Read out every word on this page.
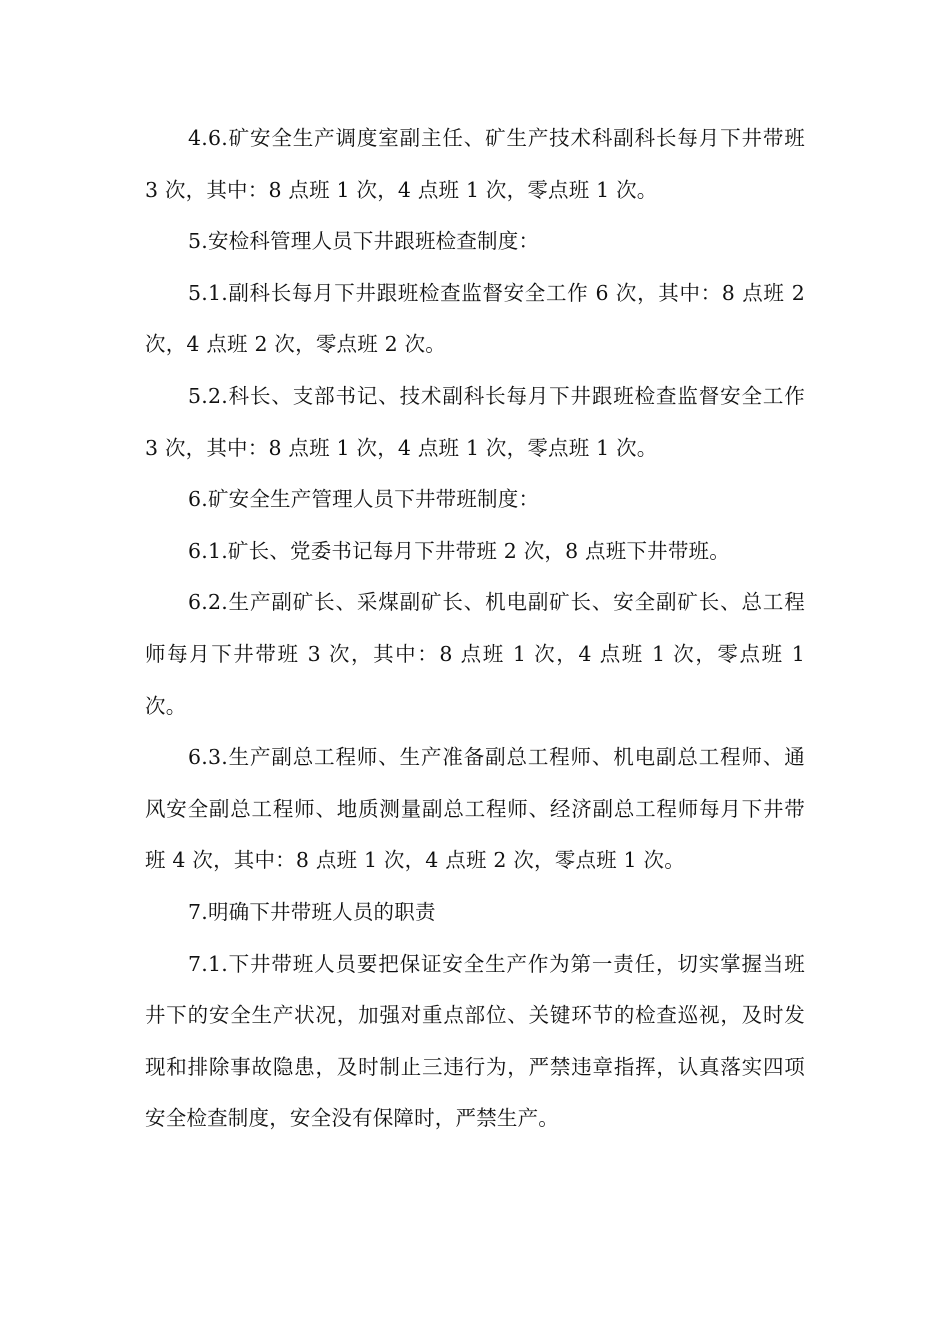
4.6.矿安全生产调度室副主任、矿生产技术科副科长每月下井带班 3 次，其中：8 点班 1 次，4 点班 1 次，零点班 1 次。

5.安检科管理人员下井跟班检查制度：

5.1.副科长每月下井跟班检查监督安全工作 6 次，其中：8 点班 2 次，4 点班 2 次，零点班 2 次。

5.2.科长、支部书记、技术副科长每月下井跟班检查监督安全工作 3 次，其中：8 点班 1 次，4 点班 1 次，零点班 1 次。

6.矿安全生产管理人员下井带班制度：

6.1.矿长、党委书记每月下井带班 2 次，8 点班下井带班。

6.2.生产副矿长、采煤副矿长、机电副矿长、安全副矿长、总工程师每月下井带班 3 次，其中：8 点班 1 次，4 点班 1 次，零点班 1 次。

6.3.生产副总工程师、生产准备副总工程师、机电副总工程师、通风安全副总工程师、地质测量副总工程师、经济副总工程师每月下井带班 4 次，其中：8 点班 1 次，4 点班 2 次，零点班 1 次。

7.明确下井带班人员的职责

7.1.下井带班人员要把保证安全生产作为第一责任，切实掌握当班井下的安全生产状况，加强对重点部位、关键环节的检查巡视，及时发现和排除事故隐患，及时制止三违行为，严禁违章指挥，认真落实四项安全检查制度，安全没有保障时，严禁生产。
